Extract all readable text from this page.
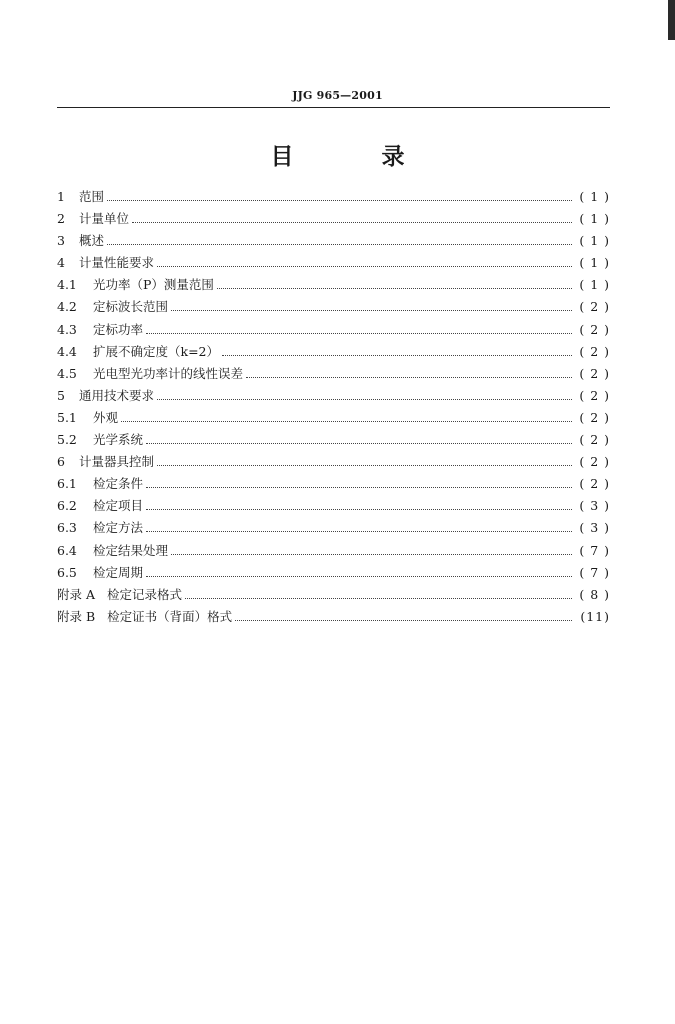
JJG 965—2001
目 录
1	范围	( 1 )
2	计量单位	( 1 )
3	概述	( 1 )
4	计量性能要求	( 1 )
4.1	光功率（P）测量范围	( 1 )
4.2	定标波长范围	( 2 )
4.3	定标功率	( 2 )
4.4	扩展不确定度（k=2）	( 2 )
4.5	光电型光功率计的线性误差	( 2 )
5	通用技术要求	( 2 )
5.1	外观	( 2 )
5.2	光学系统	( 2 )
6	计量器具控制	( 2 )
6.1	检定条件	( 2 )
6.2	检定项目	( 3 )
6.3	检定方法	( 3 )
6.4	检定结果处理	( 7 )
6.5	检定周期	( 7 )
附录 A 检定记录格式	( 8 )
附录 B 检定证书（背面）格式	(11)
